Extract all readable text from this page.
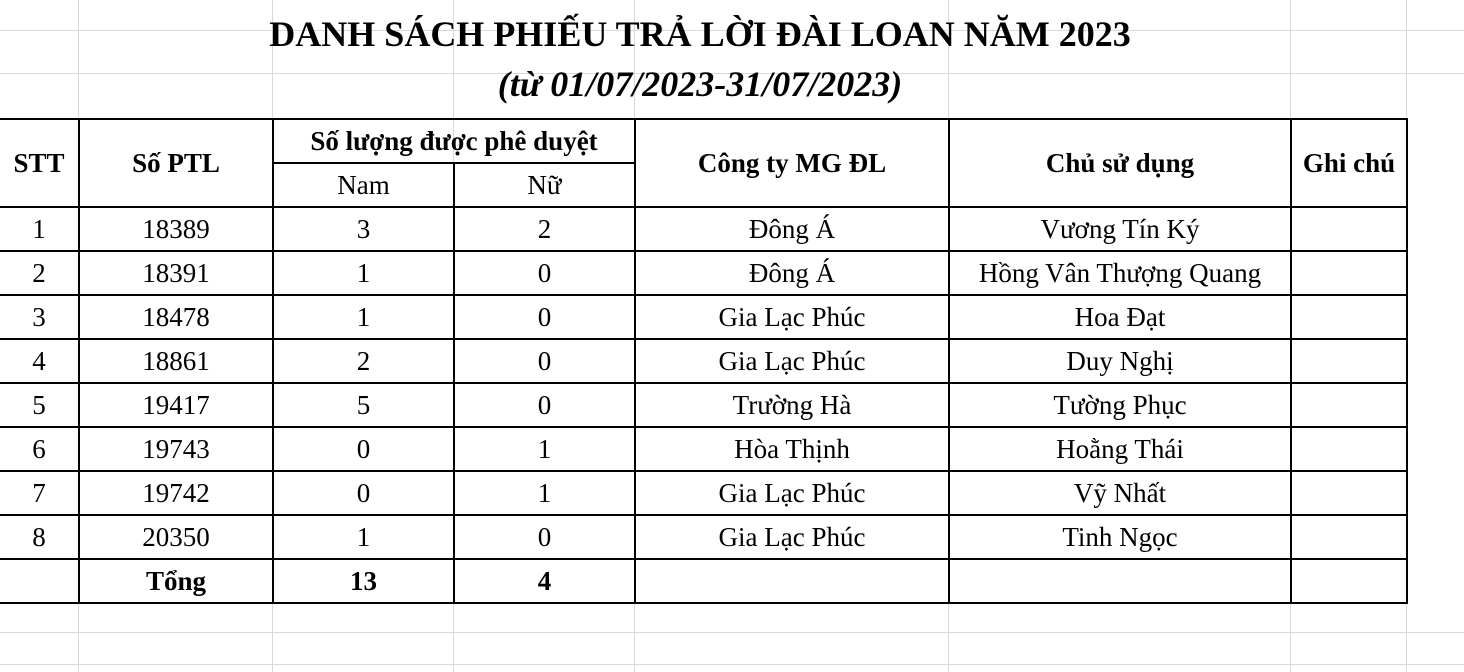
DANH SÁCH PHIẾU TRẢ LỜI ĐÀI LOAN NĂM 2023
(từ 01/07/2023-31/07/2023)
STT	Số PTL	Số lượng được phê duyệt		Công ty MG ĐL	Chủ sử dụng	Ghi chú
		Nam	Nữ			
1	18389	3	2	Đông Á	Vương Tín Ký	
2	18391	1	0	Đông Á	Hồng Vân Thượng Quang	
3	18478	1	0	Gia Lạc Phúc	Hoa Đạt	
4	18861	2	0	Gia Lạc Phúc	Duy Nghị	
5	19417	5	0	Trường Hà	Tường Phục	
6	19743	0	1	Hòa Thịnh	Hoằng Thái	
7	19742	0	1	Gia Lạc Phúc	Vỹ Nhất	
8	20350	1	0	Gia Lạc Phúc	Tinh Ngọc	
	Tổng	13	4			
